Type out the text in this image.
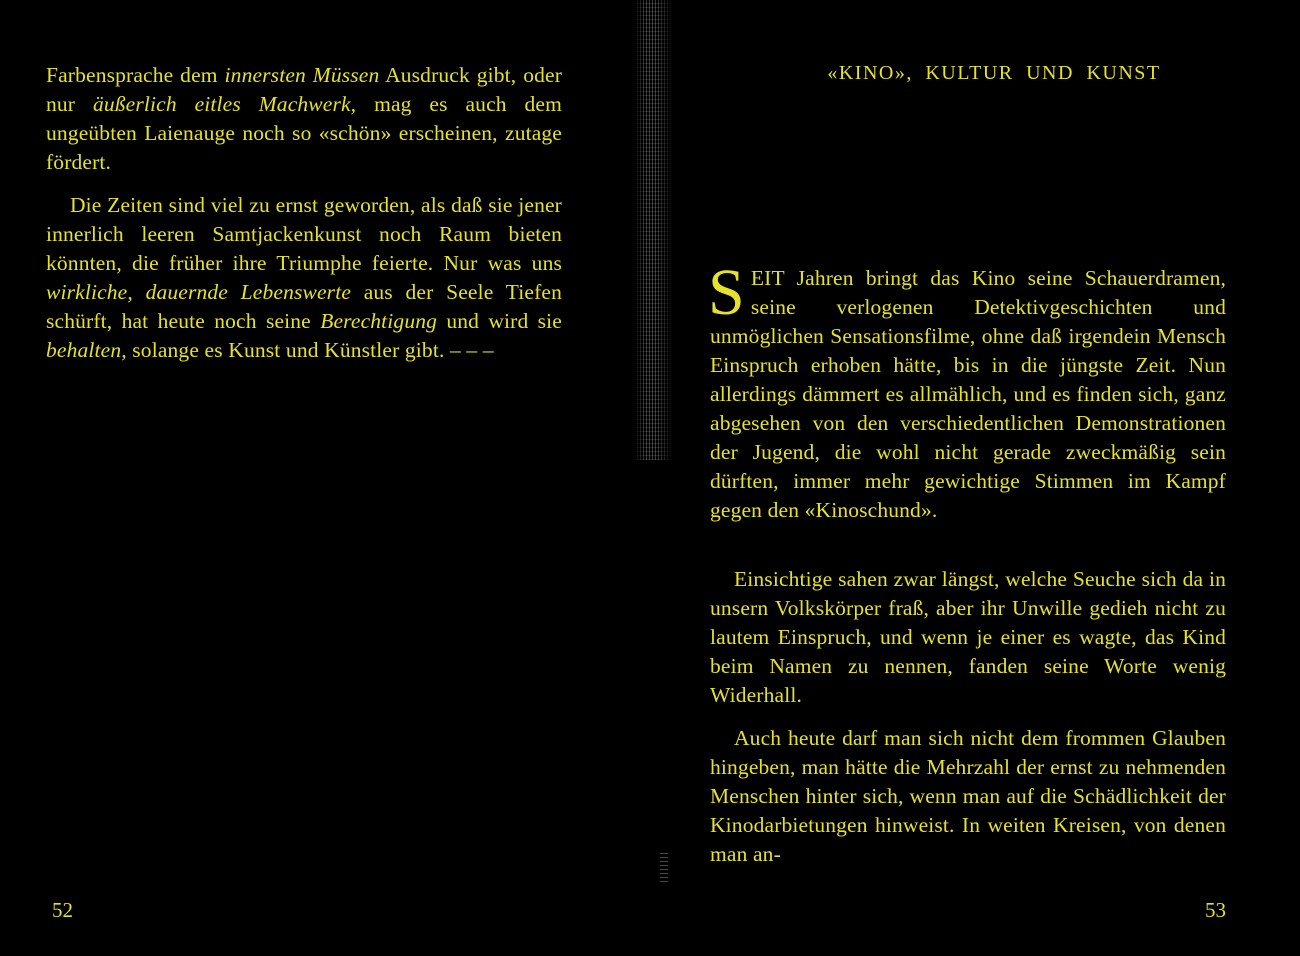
Farbensprache dem innersten Müssen Ausdruck gibt, oder nur äußerlich eitles Machwerk, mag es auch dem ungeübten Laienauge noch so «schön» erscheinen, zutage fördert.

Die Zeiten sind viel zu ernst geworden, als daß sie jener innerlich leeren Samtjackenkunst noch Raum bieten könnten, die früher ihre Triumphe feierte. Nur was uns wirkliche, dauernde Lebenswerte aus der Seele Tiefen schürft, hat heute noch seine Berechtigung und wird sie behalten, solange es Kunst und Künstler gibt. – – –

52
«KINO», KULTUR UND KUNST

SEIT Jahren bringt das Kino seine Schauerdramen, seine verlogenen Detektivgeschichten und unmöglichen Sensationsfilme, ohne daß irgendein Mensch Einspruch erhoben hätte, bis in die jüngste Zeit. Nun allerdings dämmert es allmählich, und es finden sich, ganz abgesehen von den verschiedentlichen Demonstrationen der Jugend, die wohl nicht gerade zweckmäßig sein dürften, immer mehr gewichtige Stimmen im Kampf gegen den «Kinoschund».

Einsichtige sahen zwar längst, welche Seuche sich da in unsern Volkskörper fraß, aber ihr Unwille gedieh nicht zu lautem Einspruch, und wenn je einer es wagte, das Kind beim Namen zu nennen, fanden seine Worte wenig Widerhall.

Auch heute darf man sich nicht dem frommen Glauben hingeben, man hätte die Mehrzahl der ernst zu nehmenden Menschen hinter sich, wenn man auf die Schädlichkeit der Kinodarbietungen hinweist. In weiten Kreisen, von denen man an-

53
